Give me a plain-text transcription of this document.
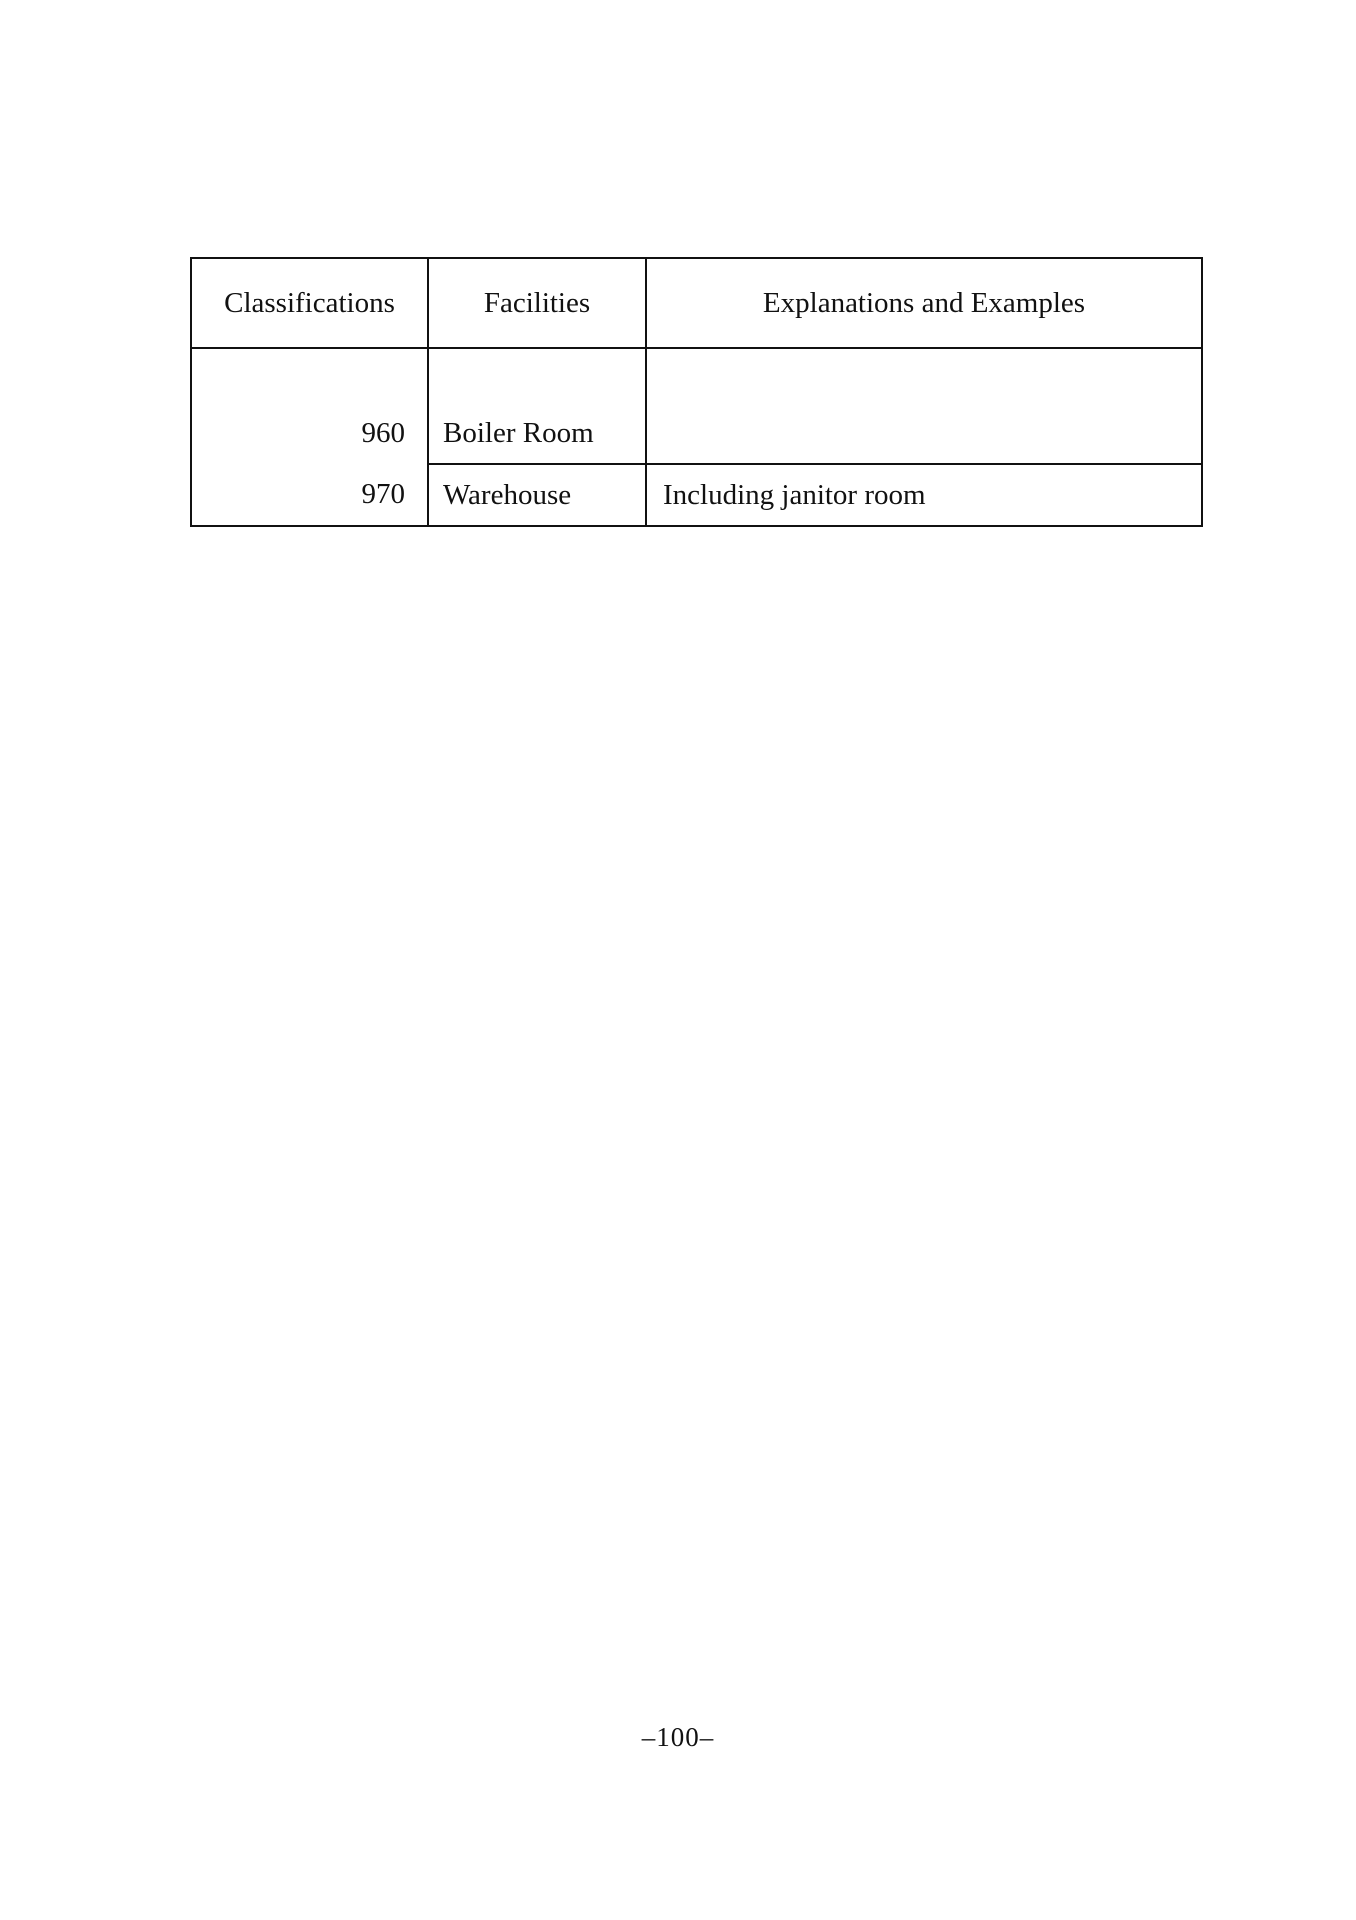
Classifications	Facilities	Explanations and Examples

960	Boiler Room	
970	Warehouse	Including janitor room
–100–
